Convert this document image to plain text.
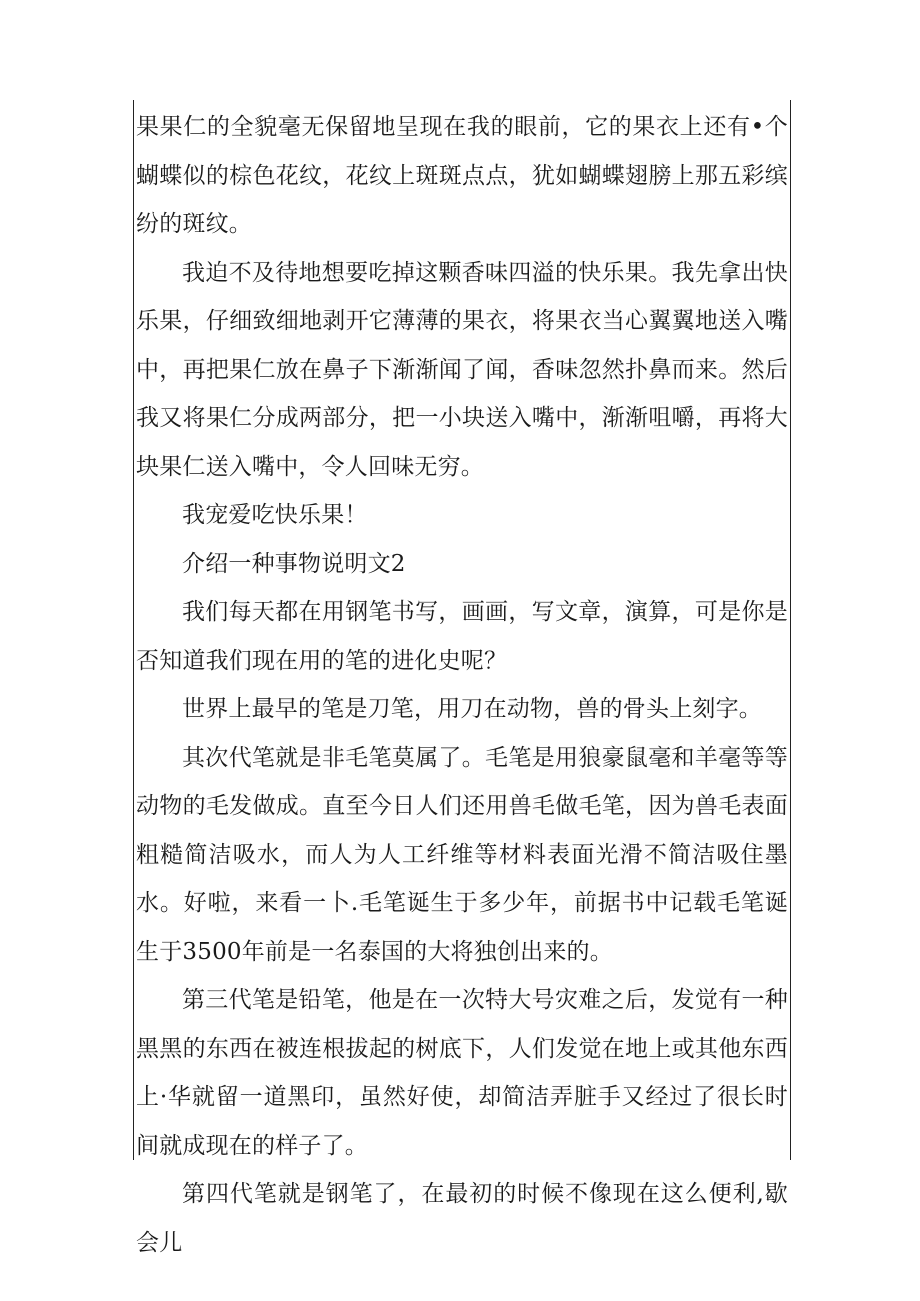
果果仁的全貌毫无保留地呈现在我的眼前，它的果衣上还有•个蝴蝶似的棕色花纹，花纹上斑斑点点，犹如蝴蝶翅膀上那五彩缤纷的斑纹。

我迫不及待地想要吃掉这颗香味四溢的快乐果。我先拿出快乐果，仔细致细地剥开它薄薄的果衣，将果衣当心翼翼地送入嘴中，再把果仁放在鼻子下渐渐闻了闻，香味忽然扑鼻而来。然后我又将果仁分成两部分，把一小块送入嘴中，渐渐咀嚼，再将大块果仁送入嘴中，令人回味无穷。

我宠爱吃快乐果！

介绍一种事物说明文2

我们每天都在用钢笔书写，画画，写文章，演算，可是你是否知道我们现在用的笔的进化史呢？

世界上最早的笔是刀笔，用刀在动物，兽的骨头上刻字。

其次代笔就是非毛笔莫属了。毛笔是用狼豪鼠毫和羊毫等等动物的毛发做成。直至今日人们还用兽毛做毛笔，因为兽毛表面粗糙简洁吸水，而人为人工纤维等材料表面光滑不简洁吸住墨水。好啦，来看一卜.毛笔诞生于多少年，前据书中记载毛笔诞生于3500年前是一名泰国的大将独创出来的。

第三代笔是铅笔，他是在一次特大号灾难之后，发觉有一种黑黑的东西在被连根拔起的树底下，人们发觉在地上或其他东西上·华就留一道黑印，虽然好使，却简洁弄脏手又经过了很长时间就成现在的样子了。

第四代笔就是钢笔了，在最初的时候不像现在这么便利,歇会儿
